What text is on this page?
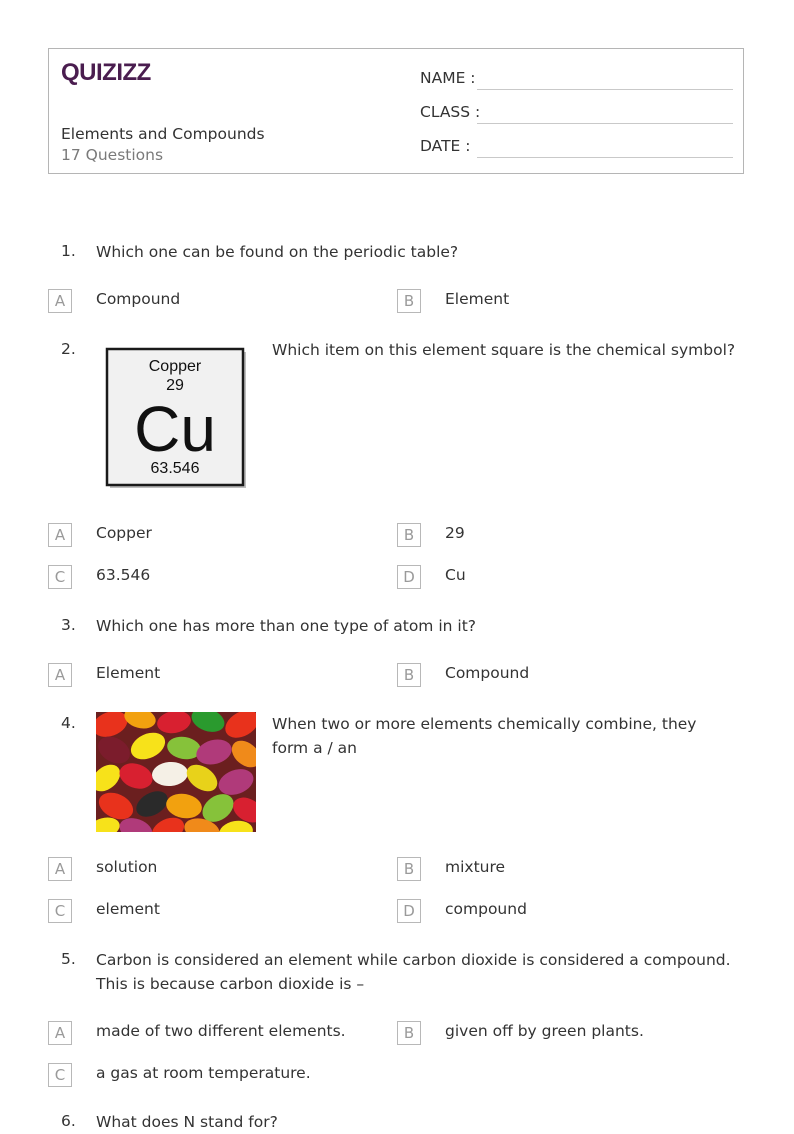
QUIZIZZ
Elements and Compounds
17 Questions
NAME :
CLASS :
DATE :
1. Which one can be found on the periodic table?
A	Compound	B	Element
2.
Copper
29
Cu
63.546
Which item on this element square is the chemical symbol?
A	Copper	B	29
C	63.546	D	Cu
3. Which one has more than one type of atom in it?
A	Element	B	Compound
4.	When two or more elements chemically combine, they form a / an
A	solution	B	mixture
C	element	D	compound
5. Carbon is considered an element while carbon dioxide is considered a compound. This is because carbon dioxide is –
A	made of two different elements.	B	given off by green plants.
C	a gas at room temperature.
6. What does N stand for?
